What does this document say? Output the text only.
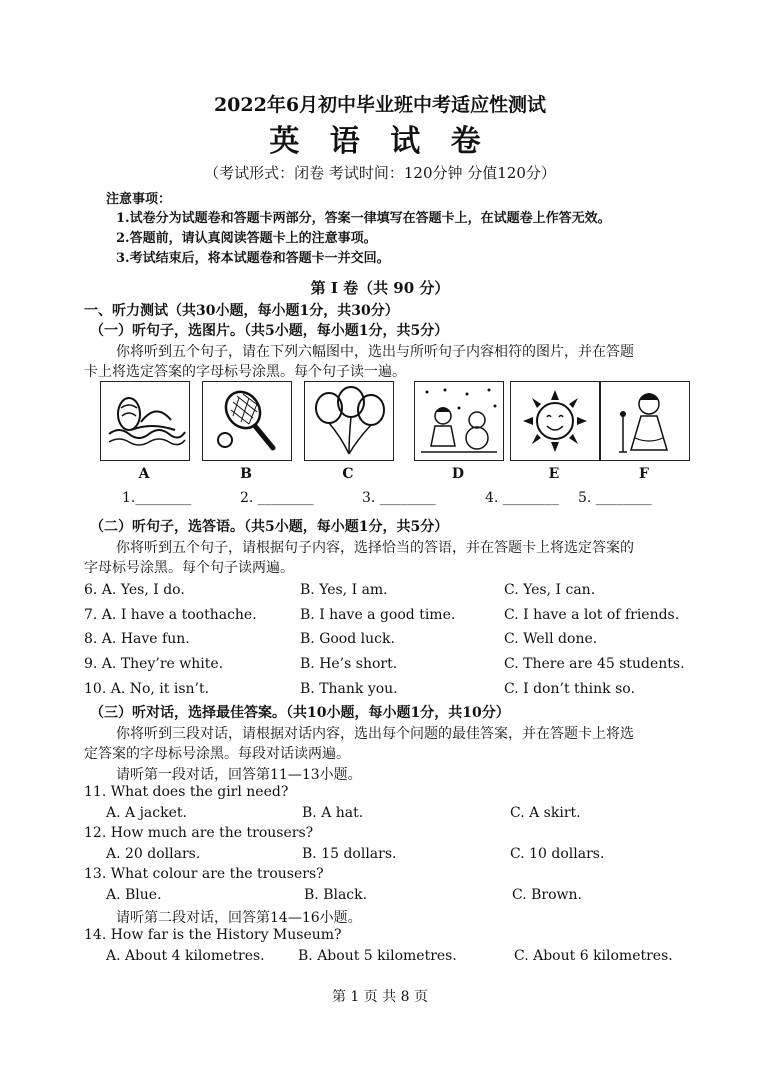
2022年6月初中毕业班中考适应性测试
英 语 试 卷
（考试形式：闭卷 考试时间：120分钟 分值120分）
注意事项：
1.试卷分为试题卷和答题卡两部分，答案一律填写在答题卡上，在试题卷上作答无效。
2.答题前，请认真阅读答题卡上的注意事项。
3.考试结束后，将本试题卷和答题卡一并交回。
第 I 卷（共 90 分）
一、听力测试（共30小题，每小题1分，共30分）
（一）听句子，选图片。（共5小题，每小题1分，共5分）
你将听到五个句子，请在下列六幅图中，选出与所听句子内容相符的图片，并在答题
卡上将选定答案的字母标号涂黑。每个句子读一遍。
A	B	C	D	E	F
1.________	2. ________	3. ________	4. ________ 5. ________
（二）听句子，选答语。（共5小题，每小题1分，共5分）
你将听到五个句子，请根据句子内容，选择恰当的答语，并在答题卡上将选定答案的
字母标号涂黑。每个句子读两遍。
6. A. Yes, I do.	B. Yes, I am.	C. Yes, I can.
7. A. I have a toothache.	B. I have a good time.	C. I have a lot of friends.
8. A. Have fun.	B. Good luck.	C. Well done.
9. A. They’re white.	B. He’s short.	C. There are 45 students.
10. A. No, it isn’t.	B. Thank you.	C. I don’t think so.
（三）听对话，选择最佳答案。（共10小题，每小题1分，共10分）
你将听到三段对话，请根据对话内容，选出每个问题的最佳答案，并在答题卡上将选
定答案的字母标号涂黑。每段对话读两遍。
请听第一段对话，回答第11—13小题。
11. What does the girl need?
A. A jacket.	B. A hat.	C. A skirt.
12. How much are the trousers?
A. 20 dollars.	B. 15 dollars.	C. 10 dollars.
13. What colour are the trousers?
A. Blue.	B. Black.	C. Brown.
请听第二段对话，回答第14—16小题。
14. How far is the History Museum?
A. About 4 kilometres. B. About 5 kilometres.	C. About 6 kilometres.
第 1 页 共 8 页
